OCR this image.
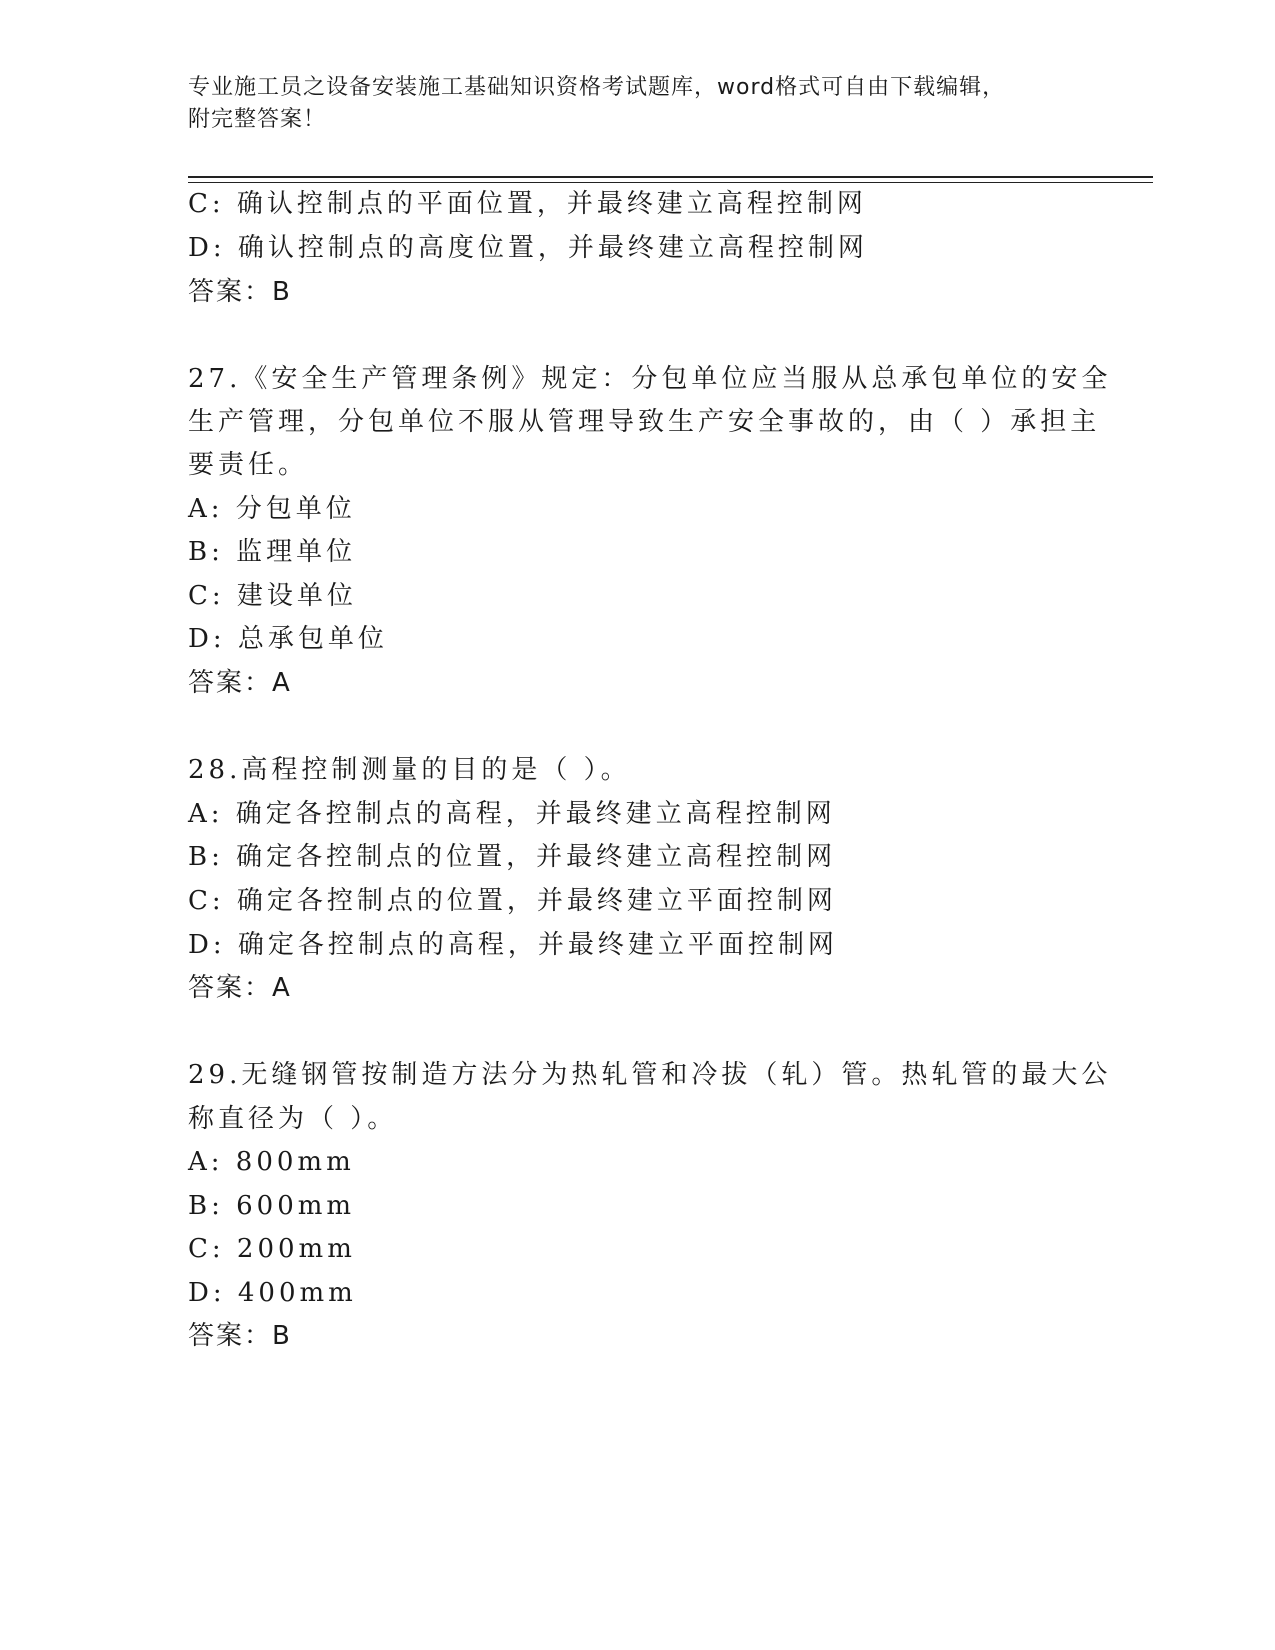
专业施工员之设备安装施工基础知识资格考试题库，word格式可自由下载编辑，
附完整答案！
C: 确认控制点的平面位置，并最终建立高程控制网
D: 确认控制点的高度位置，并最终建立高程控制网
答案：B
27.《安全生产管理条例》规定：分包单位应当服从总承包单位的安全
生产管理，分包单位不服从管理导致生产安全事故的，由（ ）承担主
要责任。
A: 分包单位
B: 监理单位
C: 建设单位
D: 总承包单位
答案：A
28.高程控制测量的目的是（ ）。
A: 确定各控制点的高程，并最终建立高程控制网
B: 确定各控制点的位置，并最终建立高程控制网
C: 确定各控制点的位置，并最终建立平面控制网
D: 确定各控制点的高程，并最终建立平面控制网
答案：A
29.无缝钢管按制造方法分为热轧管和冷拔（轧）管。热轧管的最大公
称直径为（ ）。
A: 800mm
B: 600mm
C: 200mm
D: 400mm
答案：B
